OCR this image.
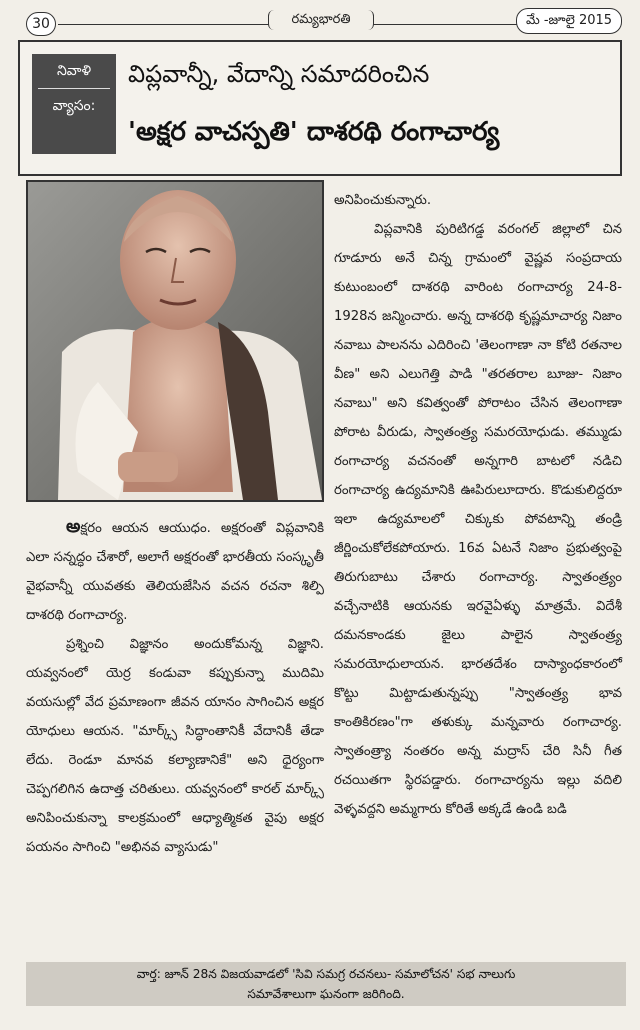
30	రమ్యభారతి	మే -జూలై 2015
నివాళి
వ్యాసం:
విప్లవాన్నీ, వేదాన్ని సమాదరించిన
'అక్షర వాచస్పతి' దాశరథి రంగాచార్య

అక్షరం ఆయన ఆయుధం. అక్షరంతో విప్లవానికి ఎలా సన్నద్ధం చేశారో, అలాగే అక్షరంతో భారతీయ సంస్కృతీ వైభవాన్నీ యువతకు తెలియజేసిన వచన రచనా శిల్పి దాశరథి రంగాచార్య.

ప్రశ్నించి విజ్ఞానం అందుకోమన్న విజ్ఞాని. యవ్వనంలో యెర్ర కండువా కప్పుకున్నా ముదిమి వయసుల్లో వేద ప్రమాణంగా జీవన యానం సాగించిన అక్షర యోధులు ఆయన. "మార్క్స్ సిద్ధాంతానికీ వేదానికీ తేడా లేదు. రెండూ మానవ కల్యాణానికే" అని ధైర్యంగా చెప్పగలిగిన ఉదాత్త చరితులు. యవ్వనంలో కారల్ మార్క్స్ అనిపించుకున్నా కాలక్రమంలో ఆధ్యాత్మికత వైపు అక్షర పయనం సాగించి "అభినవ వ్యాసుడు"

అనిపించుకున్నారు.

విప్లవానికి పురిటిగడ్డ వరంగల్ జిల్లాలో చిన గూడూరు అనే చిన్న గ్రామంలో వైష్ణవ సంప్రదాయ కుటుంబంలో దాశరథి వారింట రంగాచార్య 24-8-1928న జన్మించారు. అన్న దాశరథి కృష్ణమాచార్య నిజాం నవాబు పాలనను ఎదిరించి 'తెలంగాణా నా కోటి రతనాల వీణ" అని ఎలుగెత్తి పాడి "తరతరాల బూజు- నిజాం నవాబు" అని కవిత్వంతో పోరాటం చేసిన తెలంగాణా పోరాట వీరుడు, స్వాతంత్ర్య సమరయోధుడు. తమ్ముడు రంగాచార్య వచనంతో అన్నగారి బాటలో నడిచి రంగాచార్య ఉద్యమానికి ఊపిరులూదారు. కొడుకులిద్దరూ ఇలా ఉద్యమాలలో చిక్కుకు పోవటాన్ని తండ్రి జీర్ణించుకోలేకపోయారు. 16వ ఏటనే నిజాం ప్రభుత్వంపై తిరుగుబాటు చేశారు రంగాచార్య. స్వాతంత్ర్యం వచ్చేనాటికి ఆయనకు ఇరవైఏళ్ళు మాత్రమే. విదేశీ దమనకాండకు జైలు పాలైన స్వాతంత్ర్య సమరయోధులాయన. భారతదేశం దాస్యాంధకారంలో కొట్టు మిట్టాడుతున్నప్పు "స్వాతంత్ర్య భావ కాంతికిరణం"గా తళుక్కు మన్నవారు రంగాచార్య. స్వాతంత్ర్యా నంతరం అన్న మద్రాస్ చేరి సినీ గీత రచయితగా స్థిరపడ్డారు. రంగాచార్యను ఇల్లు వదిలి వెళ్ళవద్దని అమ్మగారు కోరితే అక్కడే ఉండి బడి

వార్త: జూన్ 28న విజయవాడలో 'సివి సమగ్ర రచనలు- సమాలోచన' సభ నాలుగు
సమావేశాలుగా ఘనంగా జరిగింది.
